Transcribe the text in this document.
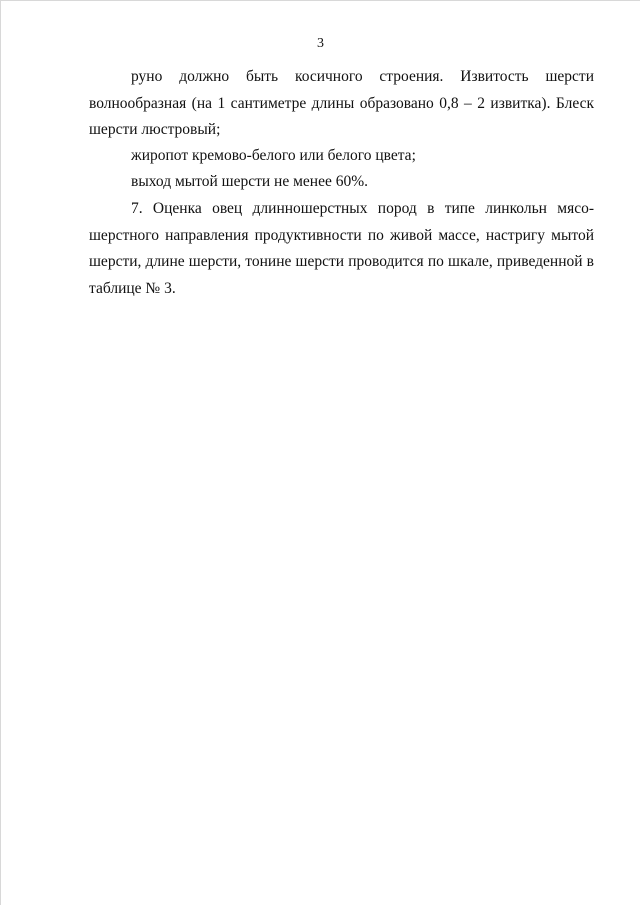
3

руно должно быть косичного строения. Извитость шерсти волнообразная (на 1 сантиметре длины образовано 0,8 – 2 извитка). Блеск шерсти люстровый;

жиропот кремово-белого или белого цвета;

выход мытой шерсти не менее 60%.

7. Оценка овец длинношерстных пород в типе линкольн мясо-шерстного направления продуктивности по живой массе, настригу мытой шерсти, длине шерсти, тонине шерсти проводится по шкале, приведенной в таблице № 3.
